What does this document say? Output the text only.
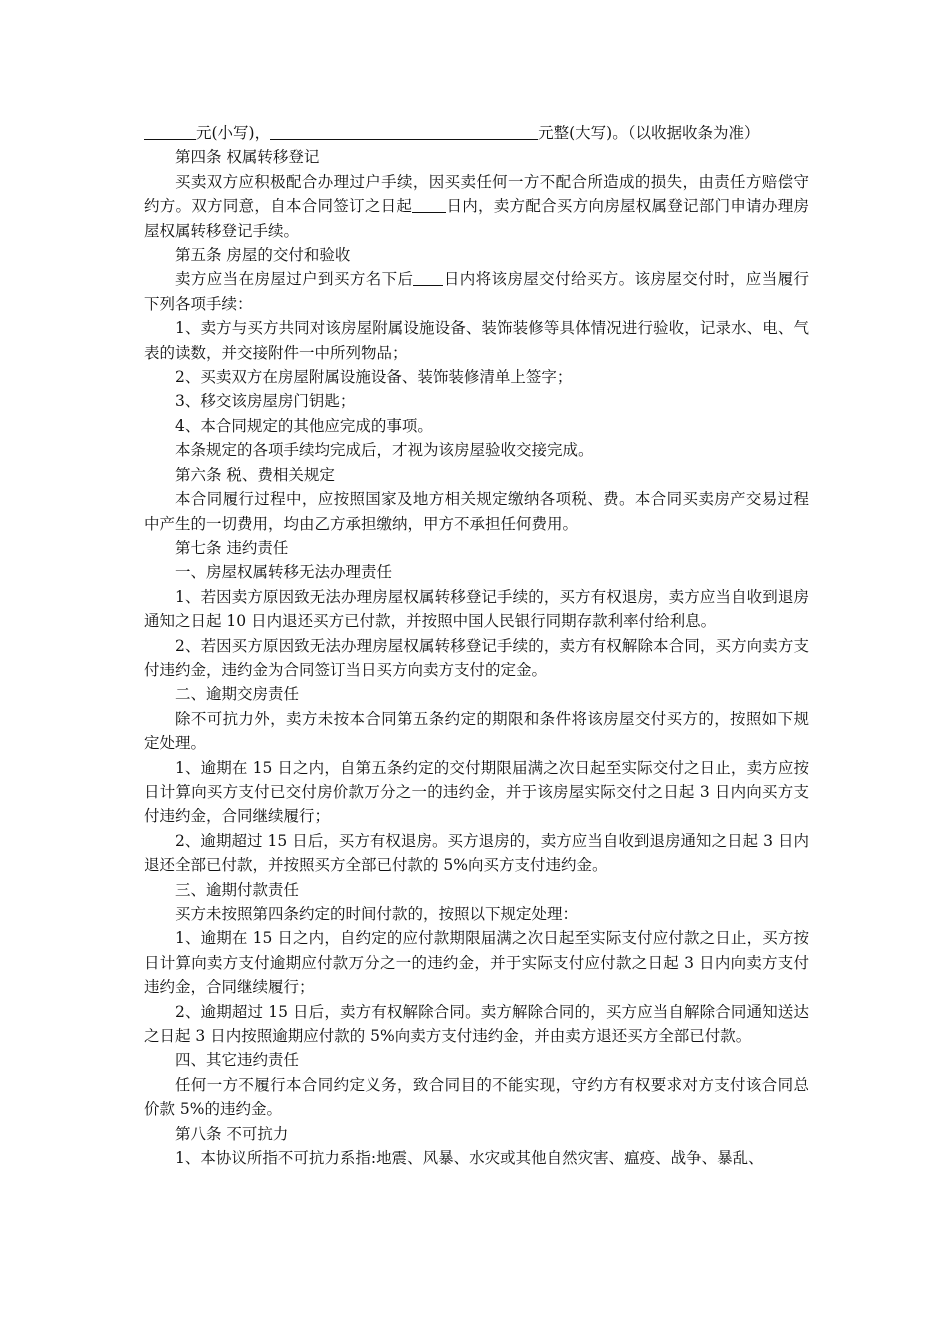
元(小写)，	元整(大写)。（以收据收条为准）

第四条 权属转移登记

买卖双方应积极配合办理过户手续，因买卖任何一方不配合所造成的损失，由责任方赔偿守约方。双方同意，自本合同签订之日起 日内，卖方配合买方向房屋权属登记部门申请办理房屋权属转移登记手续。

第五条 房屋的交付和验收

卖方应当在房屋过户到买方名下后 日内将该房屋交付给买方。该房屋交付时，应当履行下列各项手续：

1、卖方与买方共同对该房屋附属设施设备、装饰装修等具体情况进行验收，记录水、电、气表的读数，并交接附件一中所列物品；

2、买卖双方在房屋附属设施设备、装饰装修清单上签字；

3、移交该房屋房门钥匙；

4、本合同规定的其他应完成的事项。

本条规定的各项手续均完成后，才视为该房屋验收交接完成。

第六条 税、费相关规定

本合同履行过程中，应按照国家及地方相关规定缴纳各项税、费。本合同买卖房产交易过程中产生的一切费用，均由乙方承担缴纳，甲方不承担任何费用。

第七条 违约责任

一、房屋权属转移无法办理责任

1、若因卖方原因致无法办理房屋权属转移登记手续的，买方有权退房，卖方应当自收到退房通知之日起 10 日内退还买方已付款，并按照中国人民银行同期存款利率付给利息。

2、若因买方原因致无法办理房屋权属转移登记手续的，卖方有权解除本合同，买方向卖方支付违约金，违约金为合同签订当日买方向卖方支付的定金。

二、逾期交房责任

除不可抗力外，卖方未按本合同第五条约定的期限和条件将该房屋交付买方的，按照如下规定处理。

1、逾期在 15 日之内，自第五条约定的交付期限届满之次日起至实际交付之日止，卖方应按日计算向买方支付已交付房价款万分之一的违约金，并于该房屋实际交付之日起 3 日内向买方支付违约金，合同继续履行；

2、逾期超过 15 日后，买方有权退房。买方退房的，卖方应当自收到退房通知之日起 3 日内退还全部已付款，并按照买方全部已付款的 5%向买方支付违约金。

三、逾期付款责任

买方未按照第四条约定的时间付款的，按照以下规定处理：

1、逾期在 15 日之内，自约定的应付款期限届满之次日起至实际支付应付款之日止，买方按日计算向卖方支付逾期应付款万分之一的违约金，并于实际支付应付款之日起 3 日内向卖方支付违约金，合同继续履行；

2、逾期超过 15 日后，卖方有权解除合同。卖方解除合同的，买方应当自解除合同通知送达之日起 3 日内按照逾期应付款的 5%向卖方支付违约金，并由卖方退还买方全部已付款。

四、其它违约责任

任何一方不履行本合同约定义务，致合同目的不能实现，守约方有权要求对方支付该合同总价款 5%的违约金。

第八条 不可抗力

1、本协议所指不可抗力系指:地震、风暴、水灾或其他自然灾害、瘟疫、战争、暴乱、
